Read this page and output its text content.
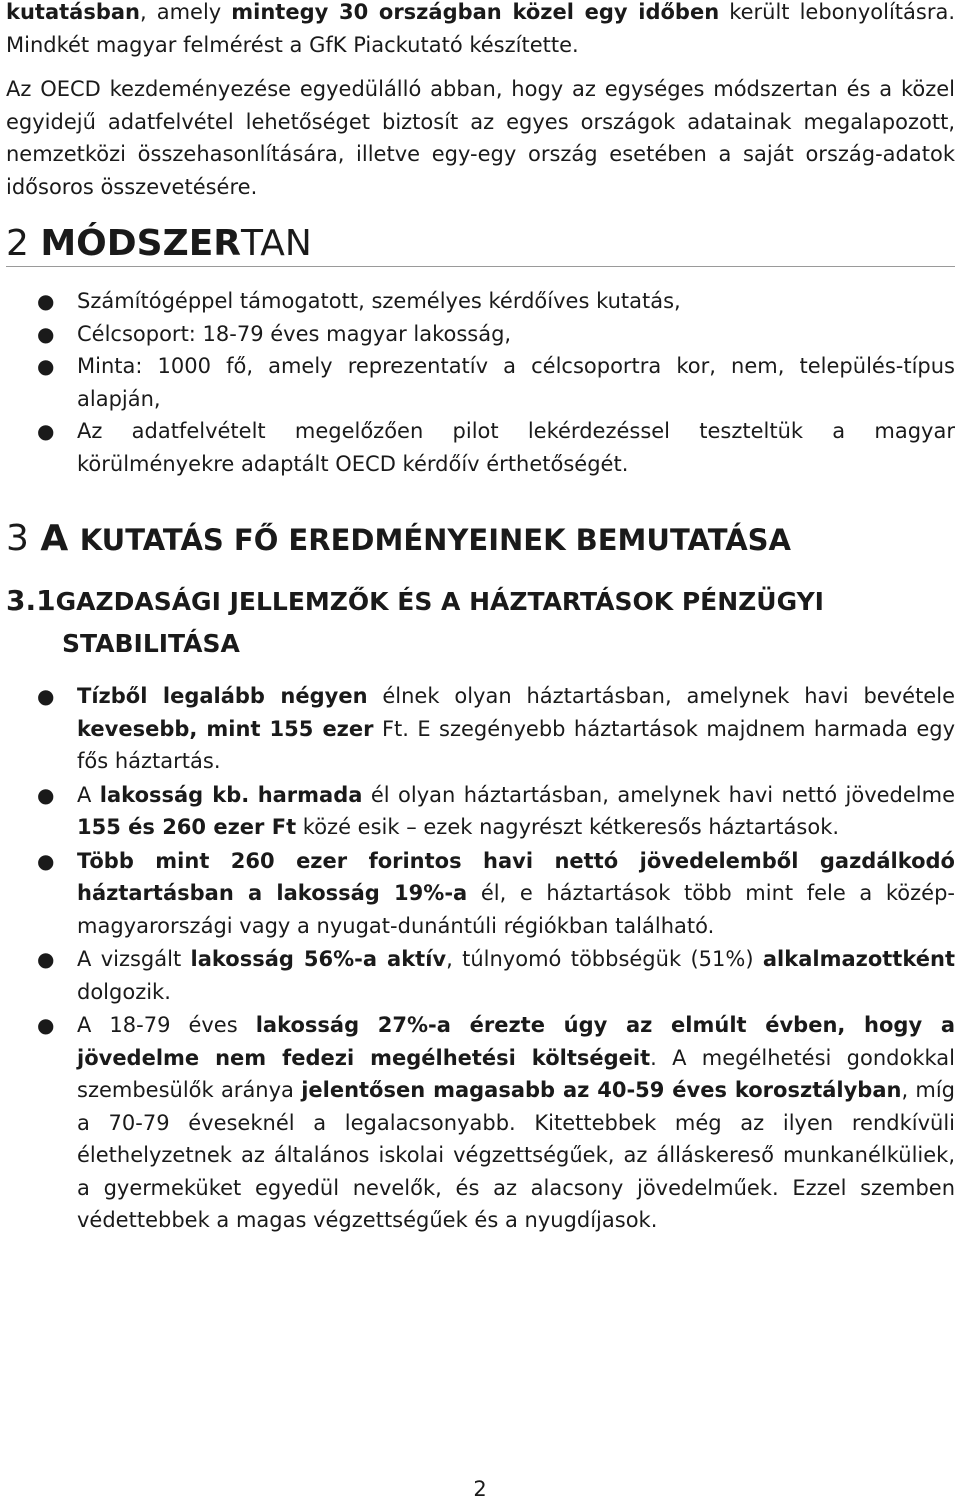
kutatásban, amely mintegy 30 országban közel egy időben került lebonyolításra. Mindkét magyar felmérést a GfK Piackutató készítette.
Az OECD kezdeményezése egyedülálló abban, hogy az egységes módszertan és a közel egyidejű adatfelvétel lehetőséget biztosít az egyes országok adatainak megalapozott, nemzetközi összehasonlítására, illetve egy-egy ország esetében a saját ország-adatok idősoros összevetésére.
2 MÓDSZERTAN
● Számítógéppel támogatott, személyes kérdőíves kutatás,
● Célcsoport: 18-79 éves magyar lakosság,
● Minta: 1000 fő, amely reprezentatív a célcsoportra kor, nem, település-típus alapján,
● Az adatfelvételt megelőzően pilot lekérdezéssel teszteltük a magyar körülményekre adaptált OECD kérdőív érthetőségét.
3 A KUTATÁS FŐ EREDMÉNYEINEK BEMUTATÁSA
3.1GAZDASÁGI JELLEMZŐK ÉS A HÁZTARTÁSOK PÉNZÜGYI
STABILITÁSA
● Tízből legalább négyen élnek olyan háztartásban, amelynek havi bevétele kevesebb, mint 155 ezer Ft. E szegényebb háztartások majdnem harmada egy fős háztartás.
● A lakosság kb. harmada él olyan háztartásban, amelynek havi nettó jövedelme 155 és 260 ezer Ft közé esik – ezek nagyrészt kétkeresős háztartások.
● Több mint 260 ezer forintos havi nettó jövedelemből gazdálkodó háztartásban a lakosság 19%-a él, e háztartások több mint fele a közép-magyarországi vagy a nyugat-dunántúli régiókban található.
● A vizsgált lakosság 56%-a aktív, túlnyomó többségük (51%) alkalmazottként dolgozik.
● A 18-79 éves lakosság 27%-a érezte úgy az elmúlt évben, hogy a jövedelme nem fedezi megélhetési költségeit. A megélhetési gondokkal szembesülők aránya jelentősen magasabb az 40-59 éves korosztályban, míg a 70-79 éveseknél a legalacsonyabb. Kitettebbek még az ilyen rendkívüli élethelyzetnek az általános iskolai végzettségűek, az álláskereső munkanélküliek, a gyermeküket egyedül nevelők, és az alacsony jövedelműek. Ezzel szemben védettebbek a magas végzettségűek és a nyugdíjasok.
2
